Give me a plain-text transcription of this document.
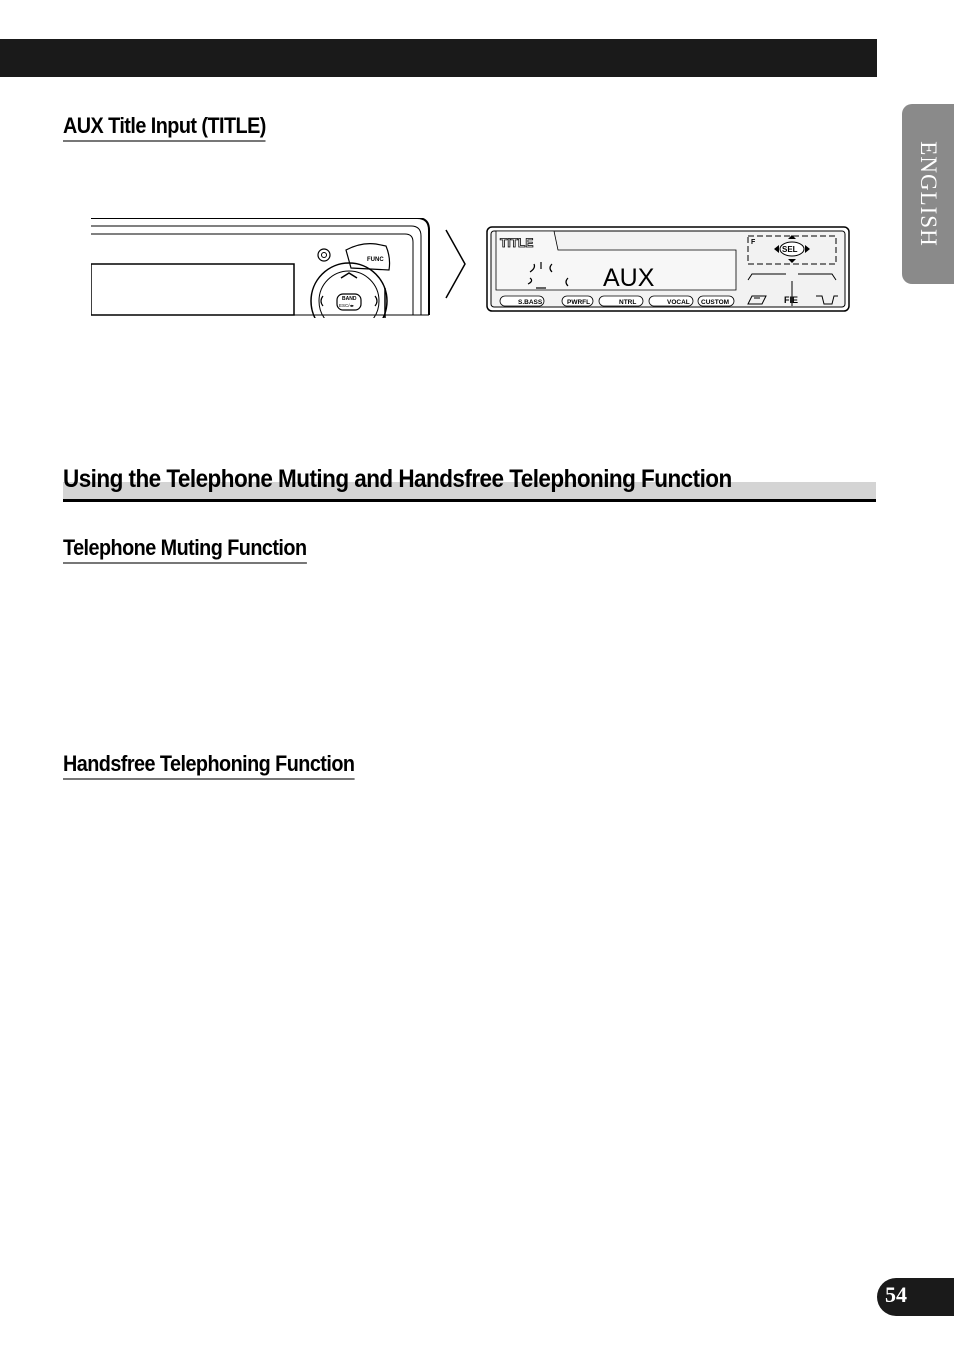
ENGLISH
AUX Title Input (TITLE)
FUNC
BAND
ESC/◂▸
TITLE
AUX
F
SEL
S.BASS	PWRFL	NTRL	VOCAL CUSTOM	FIE
Using the Telephone Muting and Handsfree Telephoning Function
Telephone Muting Function
Handsfree Telephoning Function
54
